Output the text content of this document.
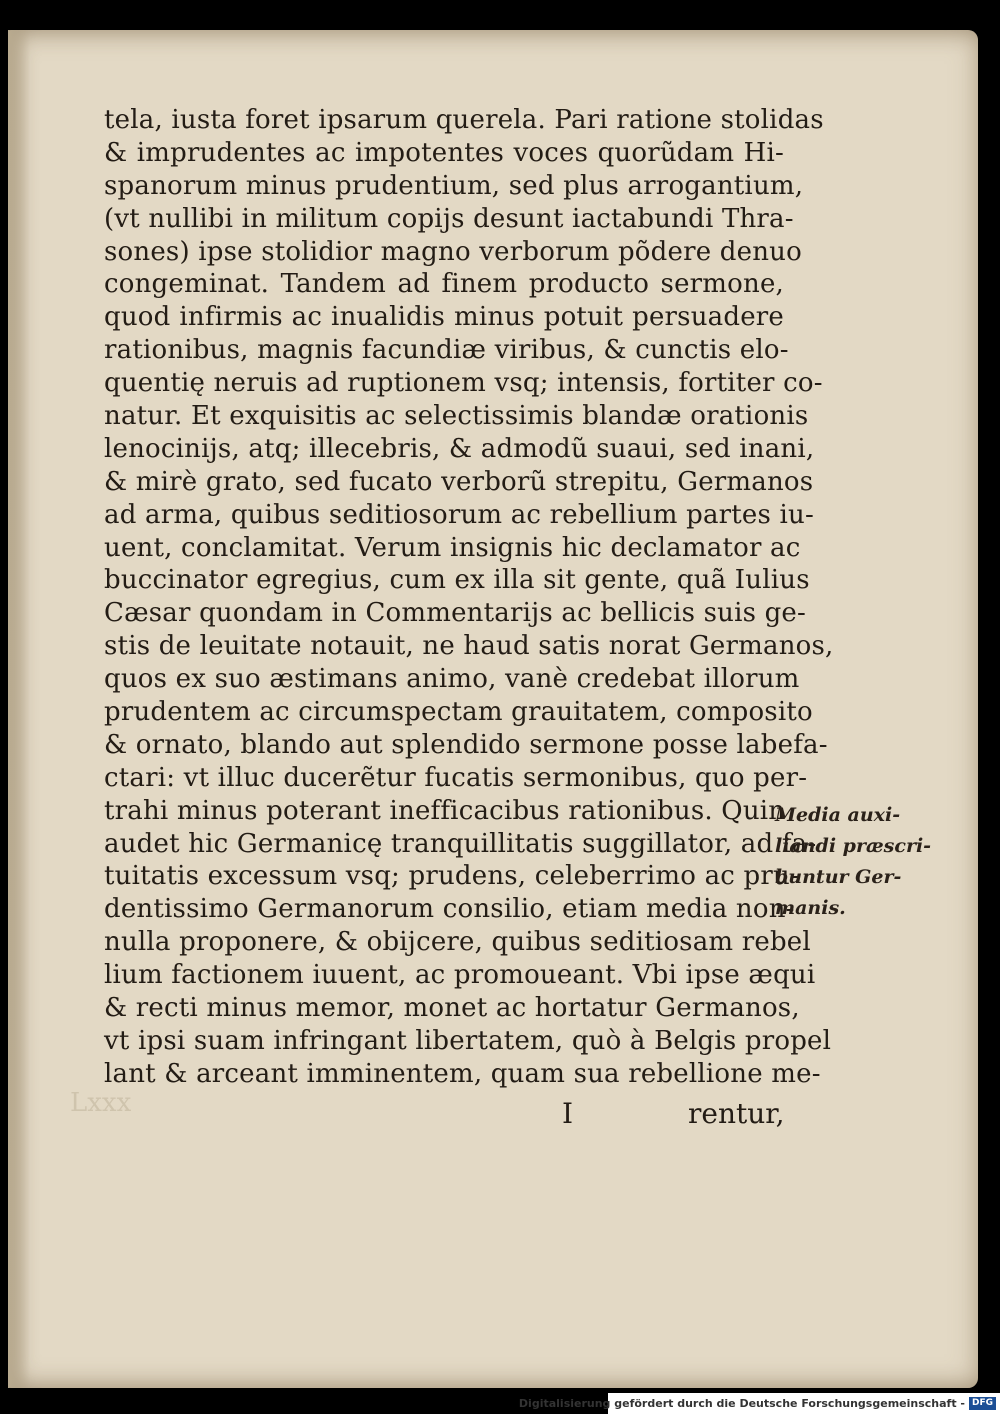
Lxxx
tela, iusta foret ipsarum querela. Pari ratione stolidas
& imprudentes ac impotentes voces quorũdam Hi-
spanorum minus prudentium, sed plus arrogantium,
(vt nullibi in militum copijs desunt iactabundi Thra-
sones) ipse stolidior magno verborum põdere denuo
congeminat. Tandem ad finem producto sermone,
quod infirmis ac inualidis minus potuit persuadere
rationibus, magnis facundiæ viribus, & cunctis elo-
quentię neruis ad ruptionem vsq; intensis, fortiter co-
natur. Et exquisitis ac selectissimis blandæ orationis
lenocinijs, atq; illecebris, & admodũ suaui, sed inani,
& mirè grato, sed fucato verborũ strepitu, Germanos
ad arma, quibus seditiosorum ac rebellium partes iu-
uent, conclamitat. Verum insignis hic declamator ac
buccinator egregius, cum ex illa sit gente, quã Iulius
Cæsar quondam in Commentarijs ac bellicis suis ge-
stis de leuitate notauit, ne haud satis norat Germanos,
quos ex suo æstimans animo, vanè credebat illorum
prudentem ac circumspectam grauitatem, composito
& ornato, blando aut splendido sermone posse labefa-
ctari: vt illuc ducerẽtur fucatis sermonibus, quo per-
trahi minus poterant inefficacibus rationibus. Quin
audet hic Germanicę tranquillitatis suggillator, ad fa-
tuitatis excessum vsq; prudens, celeberrimo ac pru-
dentissimo Germanorum consilio, etiam media non-
nulla proponere, & obijcere, quibus seditiosam rebel
lium factionem iuuent, ac promoueant. Vbi ipse æqui
& recti minus memor, monet ac hortatur Germanos,
vt ipsi suam infringant libertatem, quò à Belgis propel
lant & arceant imminentem, quam sua rebellione me-
Media auxi-
liandi præscri-
buntur Ger-
manis.
I	rentur,
Digitalisierung gefördert durch die Deutsche Forschungsgemeinschaft - DFG
